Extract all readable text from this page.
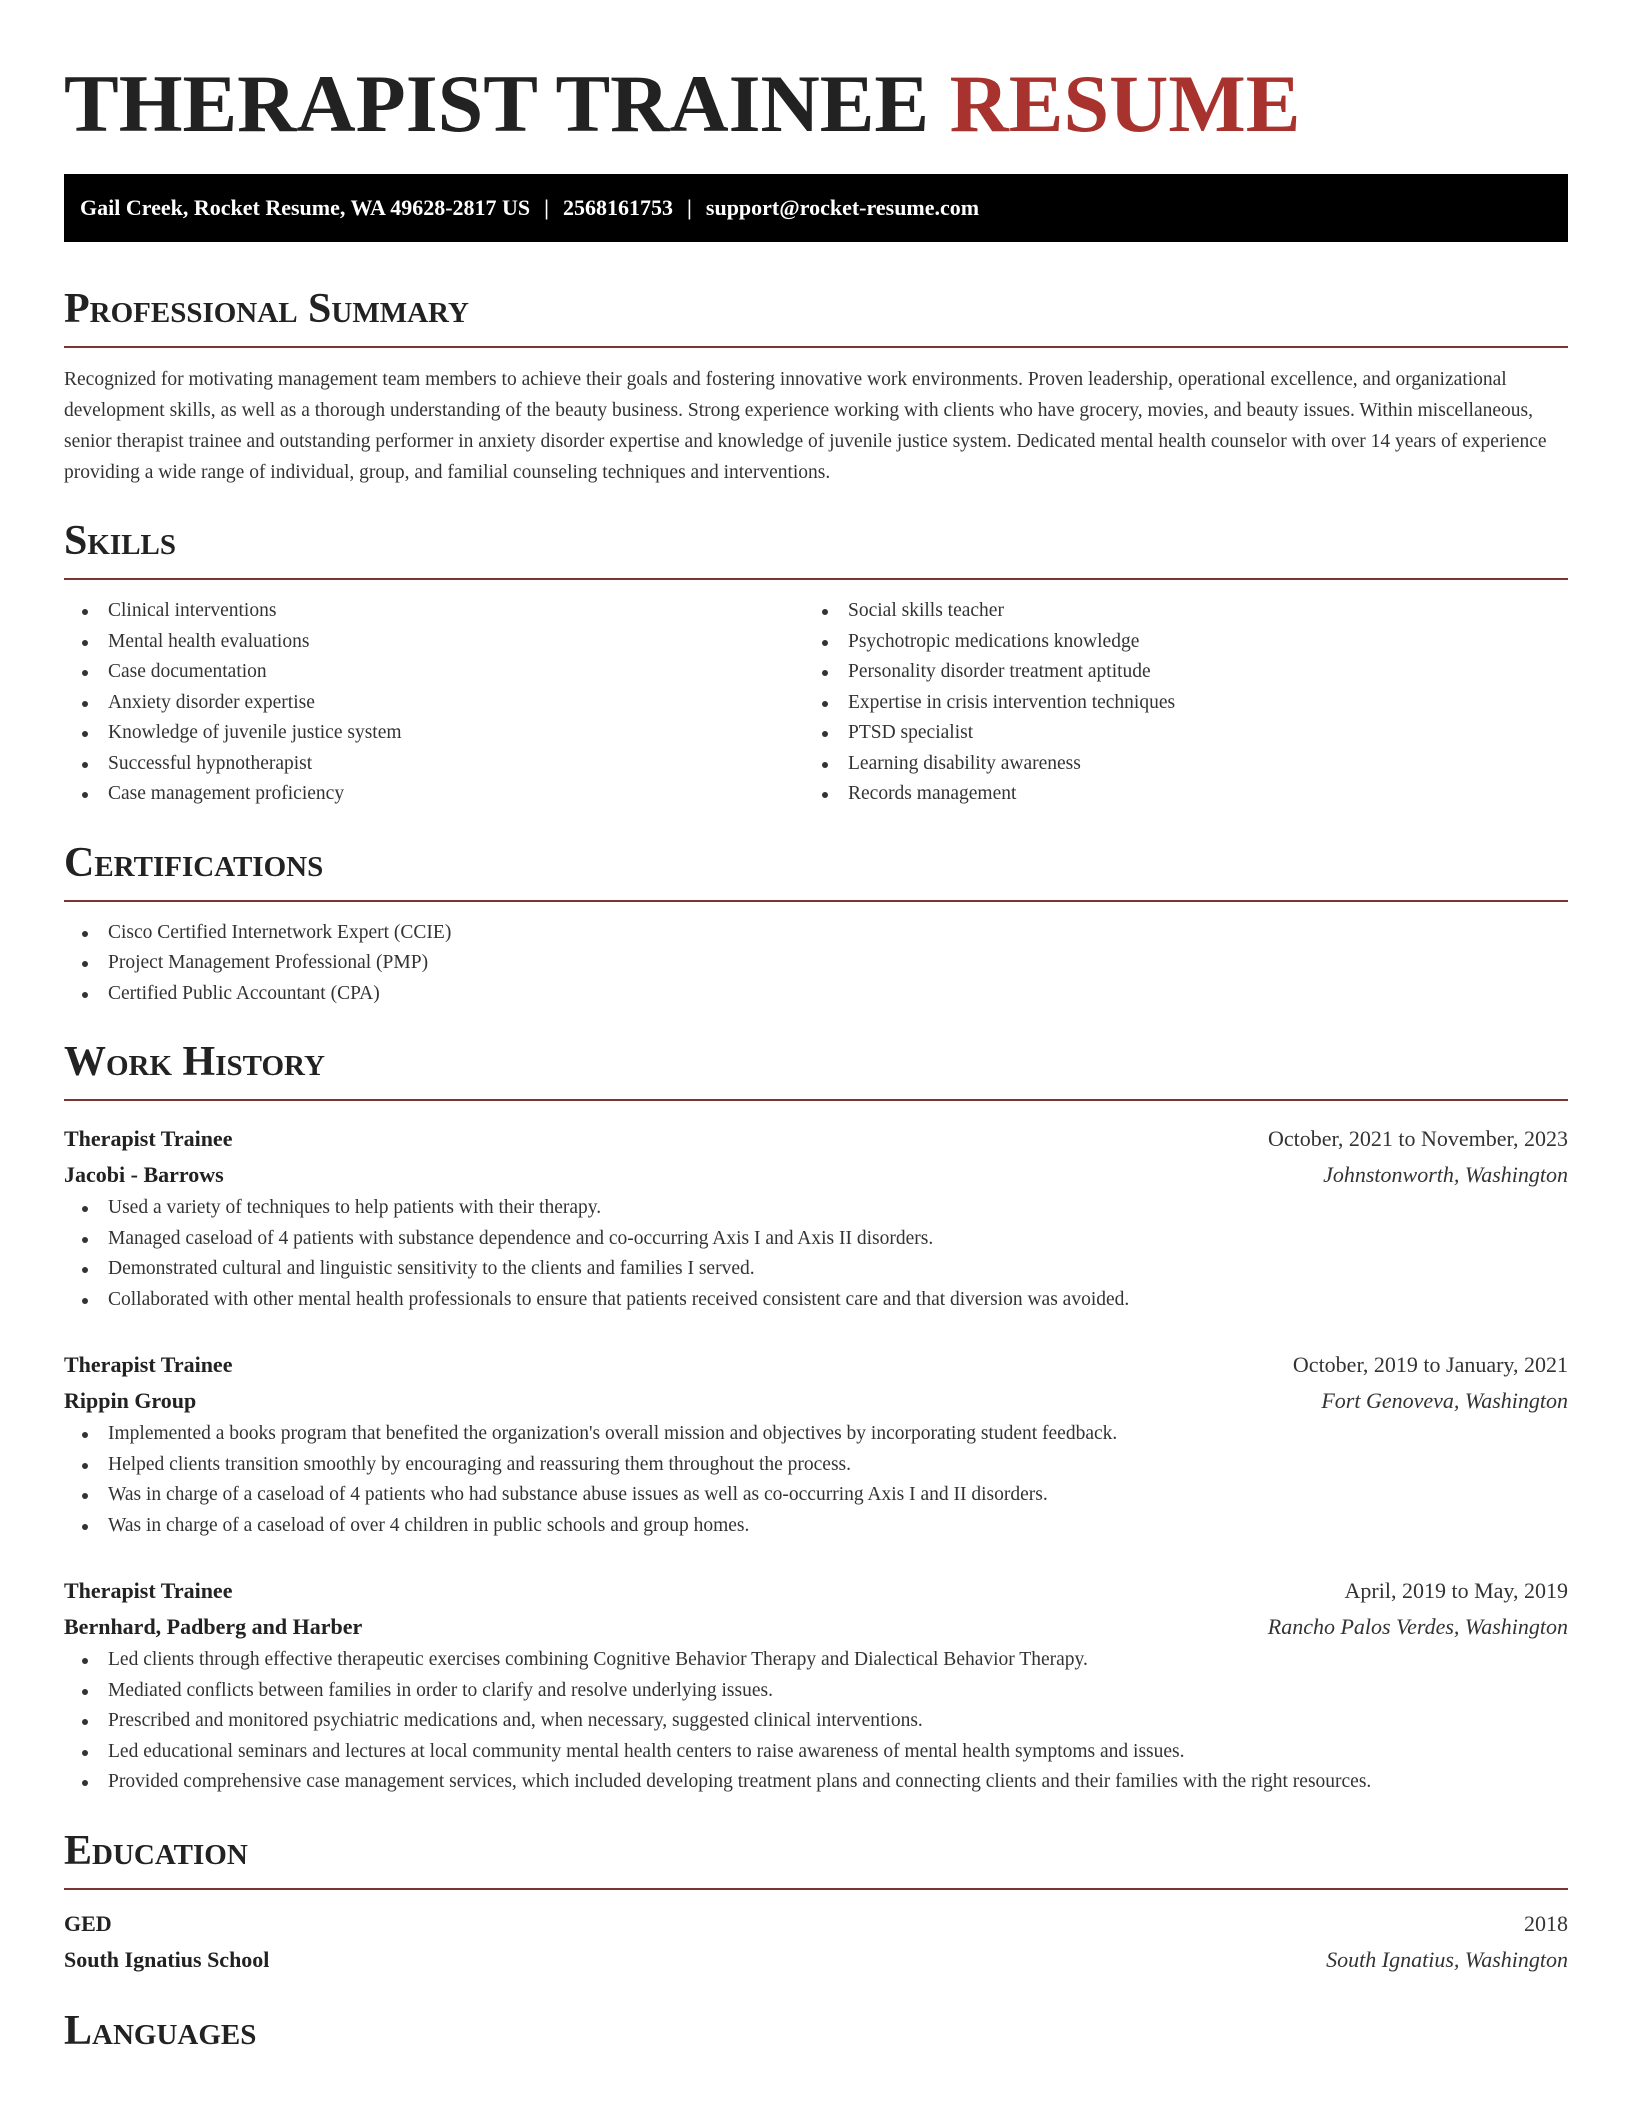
THERAPIST TRAINEE RESUME
Gail Creek, Rocket Resume, WA 49628-2817 US | 2568161753 | support@rocket-resume.com
Professional Summary

Recognized for motivating management team members to achieve their goals and fostering innovative work environments. Proven leadership, operational excellence, and organizational development skills, as well as a thorough understanding of the beauty business. Strong experience working with clients who have grocery, movies, and beauty issues. Within miscellaneous, senior therapist trainee and outstanding performer in anxiety disorder expertise and knowledge of juvenile justice system. Dedicated mental health counselor with over 14 years of experience providing a wide range of individual, group, and familial counseling techniques and interventions.

Skills
Clinical interventions
Mental health evaluations
Case documentation
Anxiety disorder expertise
Knowledge of juvenile justice system
Successful hypnotherapist
Case management proficiency
Social skills teacher
Psychotropic medications knowledge
Personality disorder treatment aptitude
Expertise in crisis intervention techniques
PTSD specialist
Learning disability awareness
Records management
Certifications
Cisco Certified Internetwork Expert (CCIE)
Project Management Professional (PMP)
Certified Public Accountant (CPA)
Work History
Therapist Trainee	October, 2021 to November, 2023
Jacobi - Barrows	Johnstonworth, Washington
Used a variety of techniques to help patients with their therapy.
Managed caseload of 4 patients with substance dependence and co-occurring Axis I and Axis II disorders.
Demonstrated cultural and linguistic sensitivity to the clients and families I served.
Collaborated with other mental health professionals to ensure that patients received consistent care and that diversion was avoided.
Therapist Trainee	October, 2019 to January, 2021
Rippin Group	Fort Genoveva, Washington
Implemented a books program that benefited the organization's overall mission and objectives by incorporating student feedback.
Helped clients transition smoothly by encouraging and reassuring them throughout the process.
Was in charge of a caseload of 4 patients who had substance abuse issues as well as co-occurring Axis I and II disorders.
Was in charge of a caseload of over 4 children in public schools and group homes.
Therapist Trainee	April, 2019 to May, 2019
Bernhard, Padberg and Harber	Rancho Palos Verdes, Washington
Led clients through effective therapeutic exercises combining Cognitive Behavior Therapy and Dialectical Behavior Therapy.
Mediated conflicts between families in order to clarify and resolve underlying issues.
Prescribed and monitored psychiatric medications and, when necessary, suggested clinical interventions.
Led educational seminars and lectures at local community mental health centers to raise awareness of mental health symptoms and issues.
Provided comprehensive case management services, which included developing treatment plans and connecting clients and their families with the right resources.
Education
GED	2018
South Ignatius School	South Ignatius, Washington
Languages
